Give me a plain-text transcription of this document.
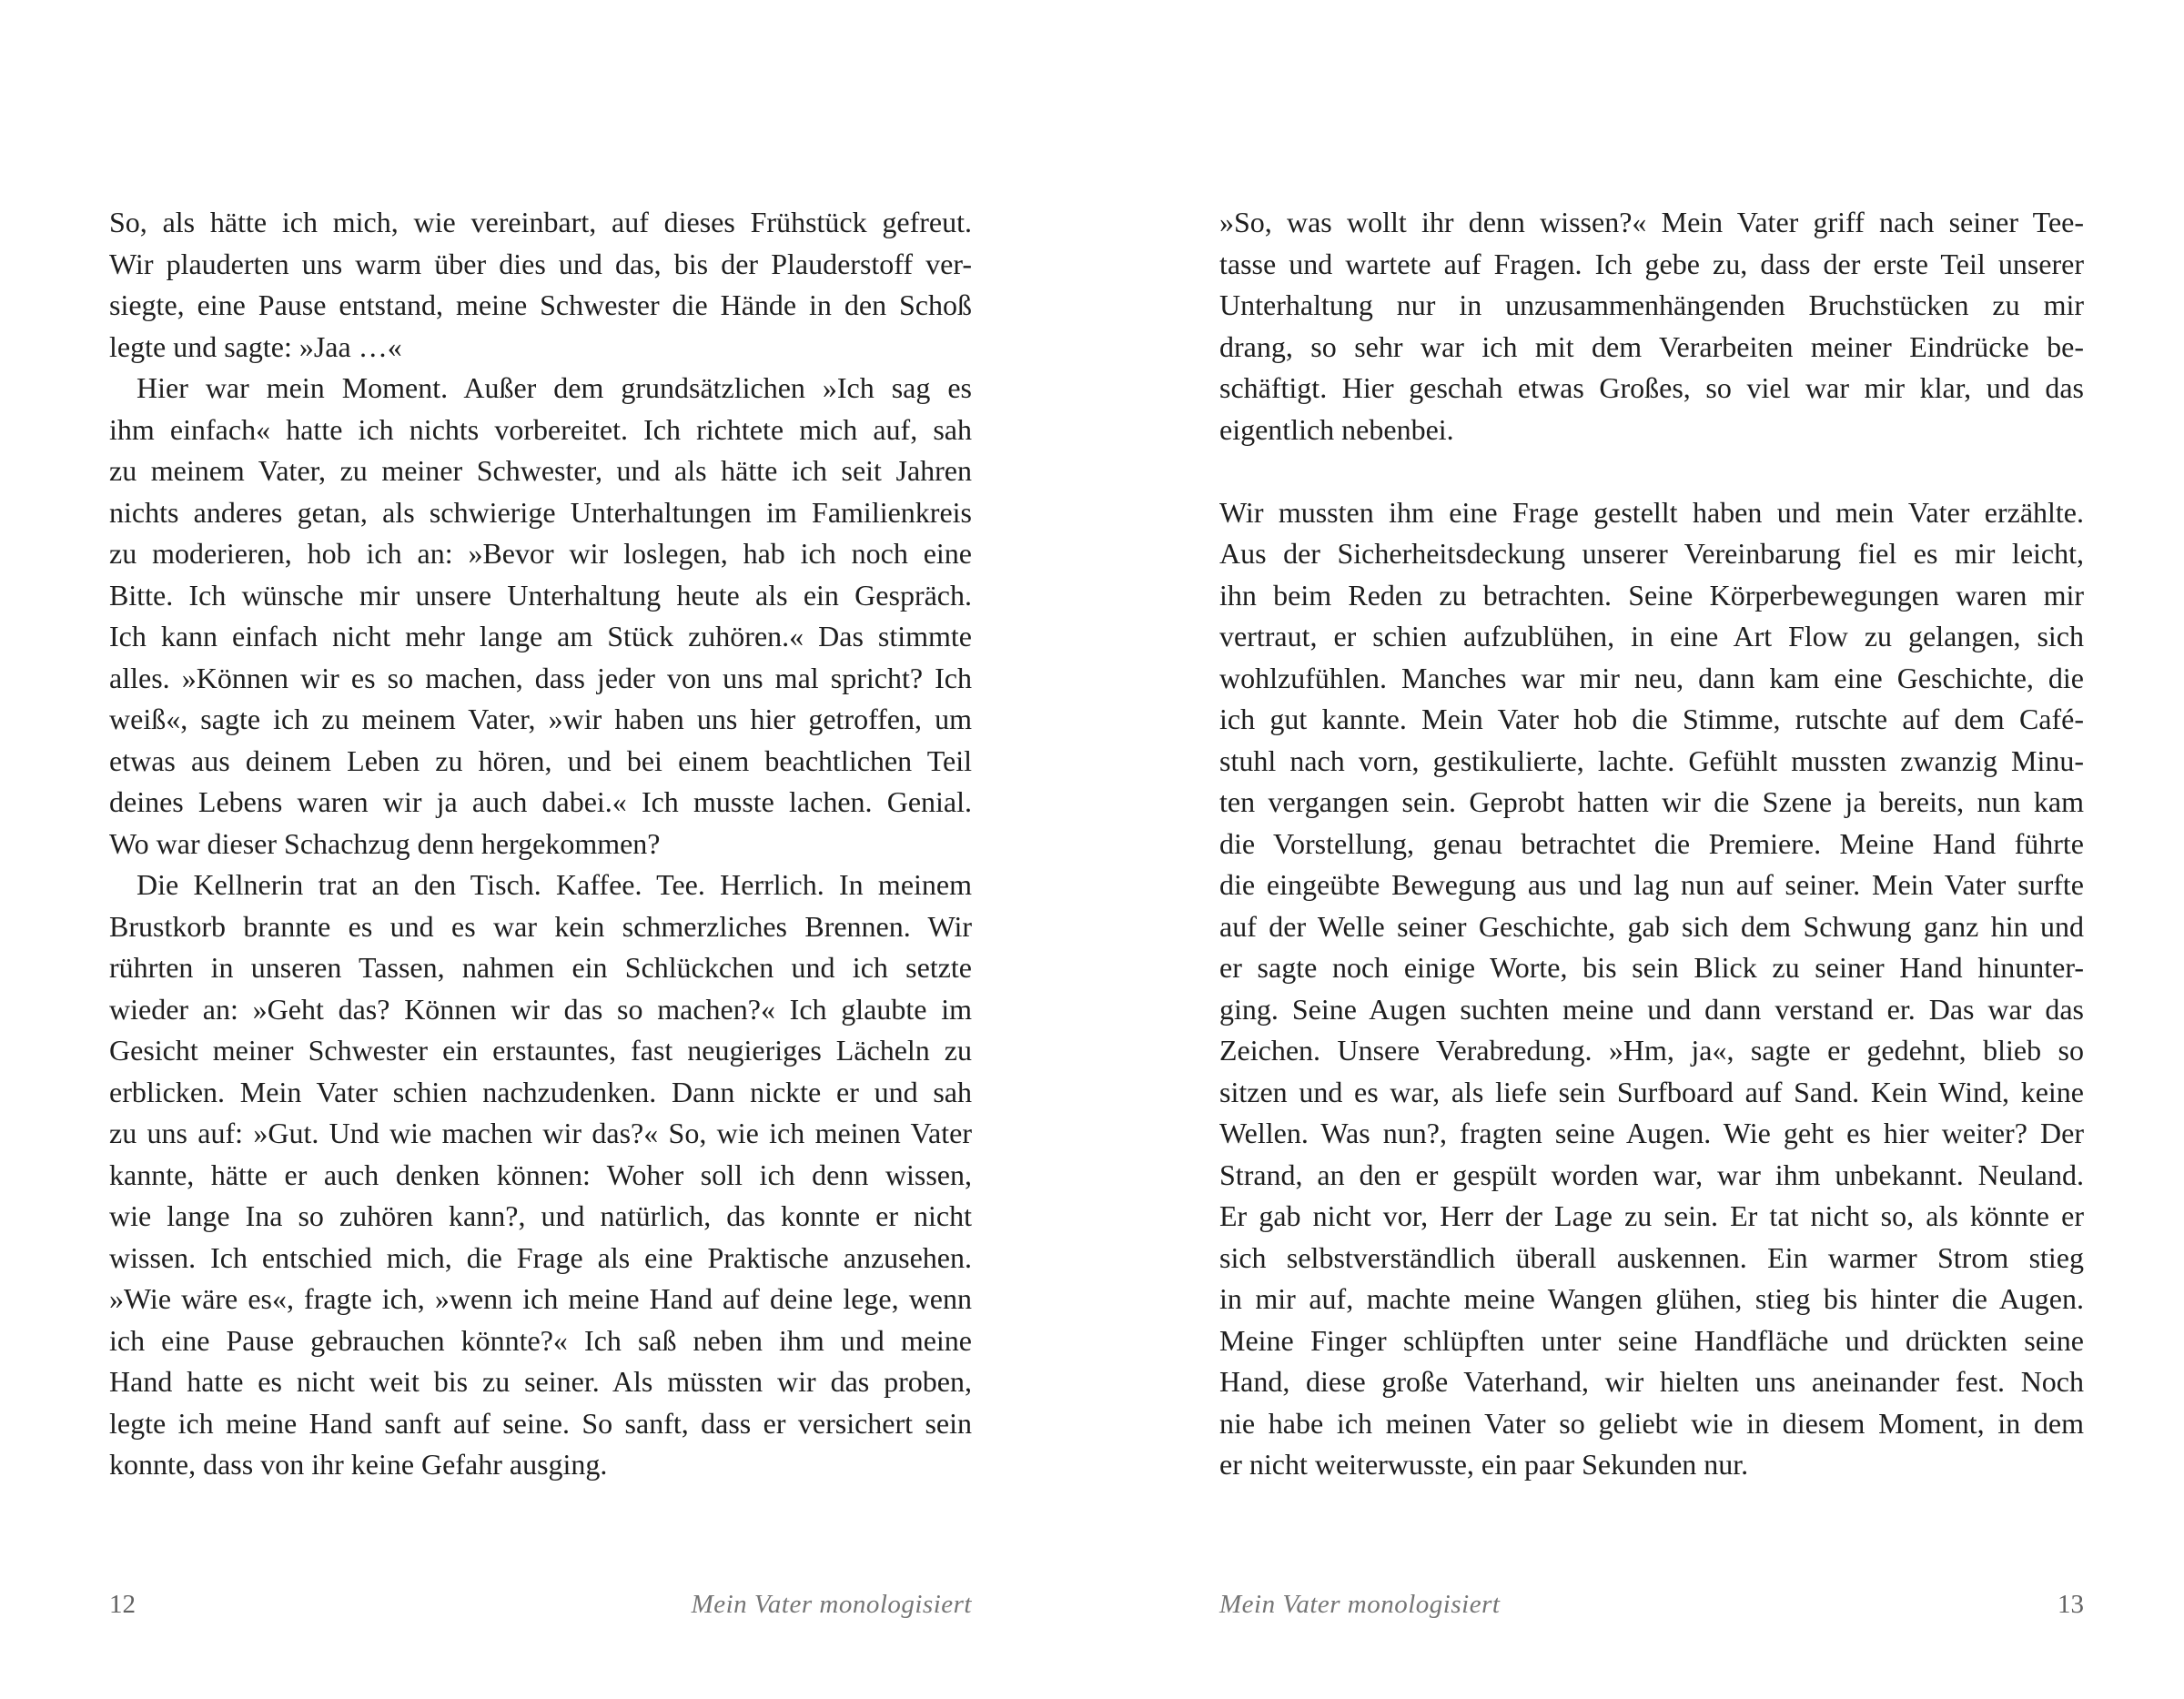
So, als hätte ich mich, wie vereinbart, auf dieses Frühstück gefreut.
Wir plauderten uns warm über dies und das, bis der Plauderstoff ver-
siegte, eine Pause entstand, meine Schwester die Hände in den Schoß
legte und sagte: »Jaa …«
Hier war mein Moment. Außer dem grundsätzlichen »Ich sag es
ihm einfach« hatte ich nichts vorbereitet. Ich richtete mich auf, sah
zu meinem Vater, zu meiner Schwester, und als hätte ich seit Jahren
nichts anderes getan, als schwierige Unterhaltungen im Familienkreis
zu moderieren, hob ich an: »Bevor wir loslegen, hab ich noch eine
Bitte. Ich wünsche mir unsere Unterhaltung heute als ein Gespräch.
Ich kann einfach nicht mehr lange am Stück zuhören.« Das stimmte
alles. »Können wir es so machen, dass jeder von uns mal spricht? Ich
weiß«, sagte ich zu meinem Vater, »wir haben uns hier getroffen, um
etwas aus deinem Leben zu hören, und bei einem beachtlichen Teil
deines Lebens waren wir ja auch dabei.« Ich musste lachen. Genial.
Wo war dieser Schachzug denn hergekommen?
Die Kellnerin trat an den Tisch. Kaffee. Tee. Herrlich. In meinem
Brustkorb brannte es und es war kein schmerzliches Brennen. Wir
rührten in unseren Tassen, nahmen ein Schlückchen und ich setzte
wieder an: »Geht das? Können wir das so machen?« Ich glaubte im
Gesicht meiner Schwester ein erstauntes, fast neugieriges Lächeln zu
erblicken. Mein Vater schien nachzudenken. Dann nickte er und sah
zu uns auf: »Gut. Und wie machen wir das?« So, wie ich meinen Vater
kannte, hätte er auch denken können: Woher soll ich denn wissen,
wie lange Ina so zuhören kann?, und natürlich, das konnte er nicht
wissen. Ich entschied mich, die Frage als eine Praktische anzusehen.
»Wie wäre es«, fragte ich, »wenn ich meine Hand auf deine lege, wenn
ich eine Pause gebrauchen könnte?« Ich saß neben ihm und meine
Hand hatte es nicht weit bis zu seiner. Als müssten wir das proben,
legte ich meine Hand sanft auf seine. So sanft, dass er versichert sein
konnte, dass von ihr keine Gefahr ausging.
12	Mein Vater monologisiert
»So, was wollt ihr denn wissen?« Mein Vater griff nach seiner Tee-
tasse und wartete auf Fragen. Ich gebe zu, dass der erste Teil unserer
Unterhaltung nur in unzusammenhängenden Bruchstücken zu mir
drang, so sehr war ich mit dem Verarbeiten meiner Eindrücke be-
schäftigt. Hier geschah etwas Großes, so viel war mir klar, und das
eigentlich nebenbei.
Wir mussten ihm eine Frage gestellt haben und mein Vater erzählte.
Aus der Sicherheitsdeckung unserer Vereinbarung fiel es mir leicht,
ihn beim Reden zu betrachten. Seine Körperbewegungen waren mir
vertraut, er schien aufzublühen, in eine Art Flow zu gelangen, sich
wohlzufühlen. Manches war mir neu, dann kam eine Geschichte, die
ich gut kannte. Mein Vater hob die Stimme, rutschte auf dem Café-
stuhl nach vorn, gestikulierte, lachte. Gefühlt mussten zwanzig Minu-
ten vergangen sein. Geprobt hatten wir die Szene ja bereits, nun kam
die Vorstellung, genau betrachtet die Premiere. Meine Hand führte
die eingeübte Bewegung aus und lag nun auf seiner. Mein Vater surfte
auf der Welle seiner Geschichte, gab sich dem Schwung ganz hin und
er sagte noch einige Worte, bis sein Blick zu seiner Hand hinunter-
ging. Seine Augen suchten meine und dann verstand er. Das war das
Zeichen. Unsere Verabredung. »Hm, ja«, sagte er gedehnt, blieb so
sitzen und es war, als liefe sein Surfboard auf Sand. Kein Wind, keine
Wellen. Was nun?, fragten seine Augen. Wie geht es hier weiter? Der
Strand, an den er gespült worden war, war ihm unbekannt. Neuland.
Er gab nicht vor, Herr der Lage zu sein. Er tat nicht so, als könnte er
sich selbstverständlich überall auskennen. Ein warmer Strom stieg
in mir auf, machte meine Wangen glühen, stieg bis hinter die Augen.
Meine Finger schlüpften unter seine Handfläche und drückten seine
Hand, diese große Vaterhand, wir hielten uns aneinander fest. Noch
nie habe ich meinen Vater so geliebt wie in diesem Moment, in dem
er nicht weiterwusste, ein paar Sekunden nur.
Mein Vater monologisiert	13
